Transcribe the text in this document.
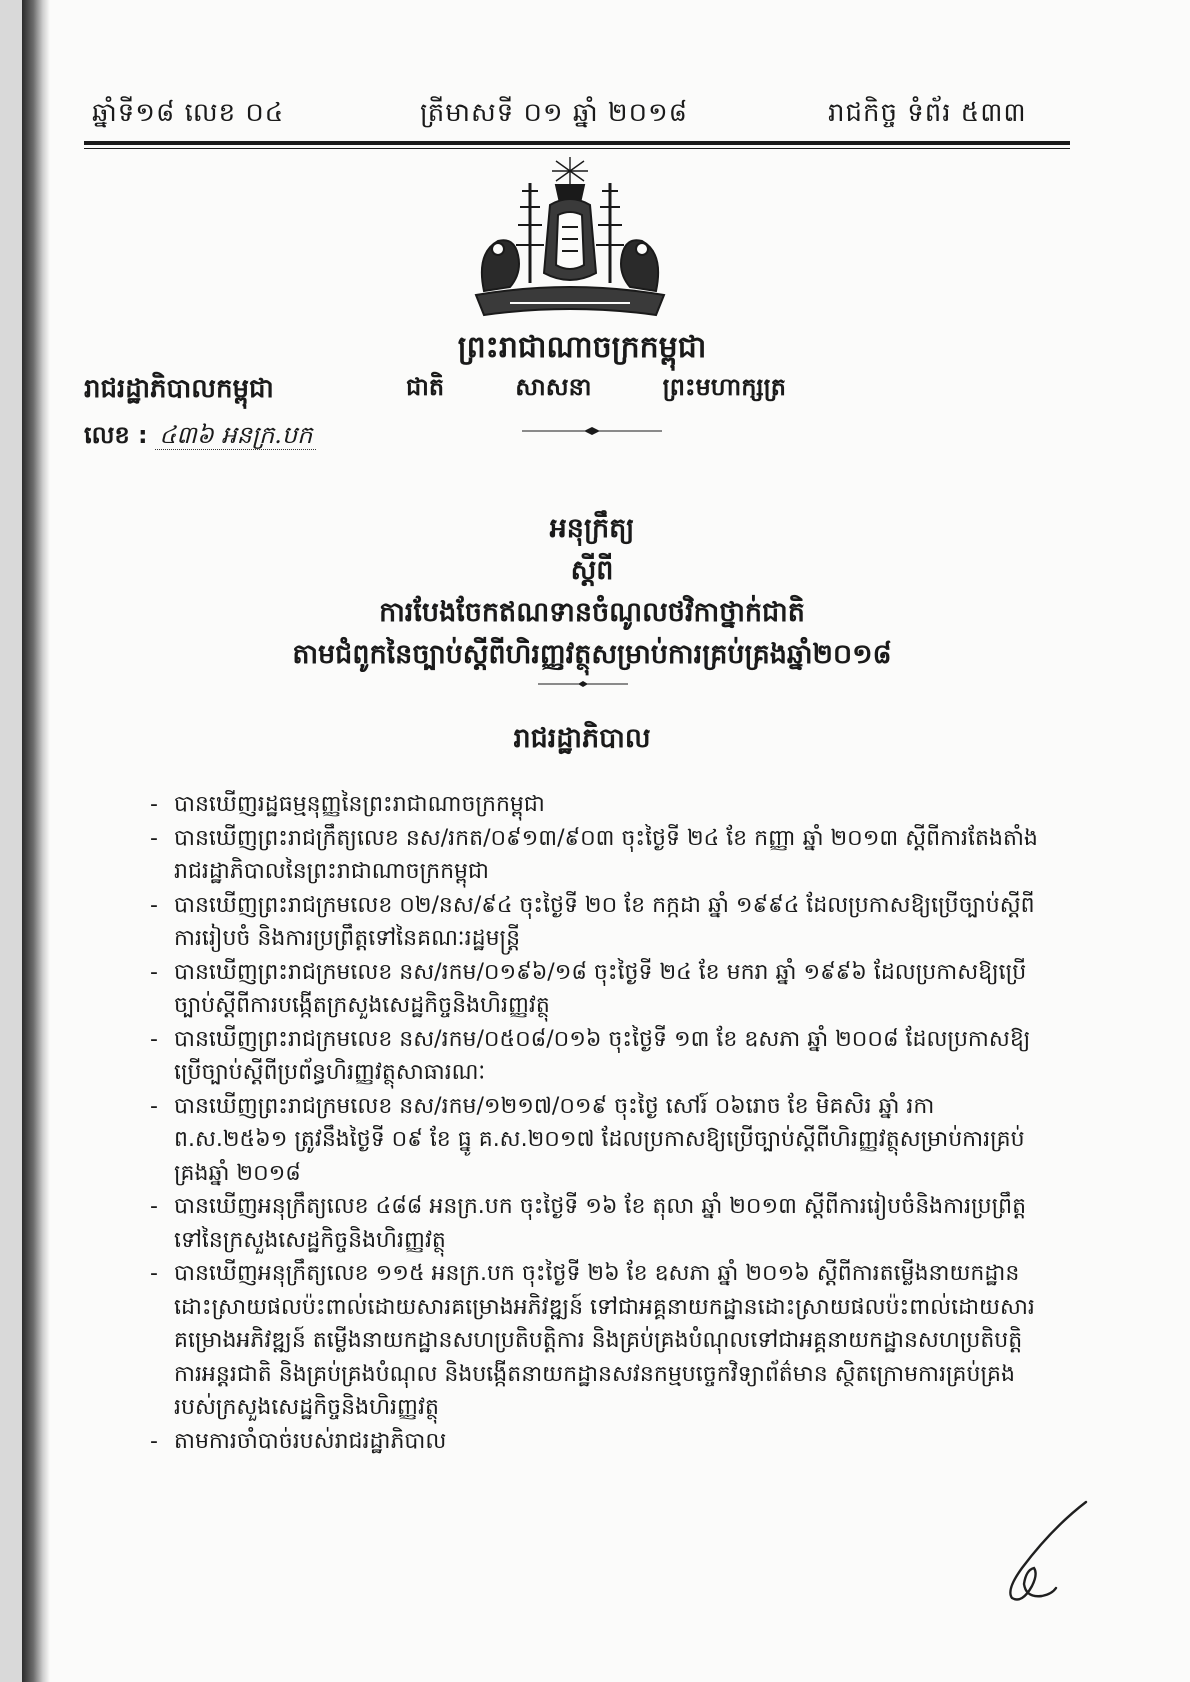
ឆ្នាំទី១៨ លេខ ០៤	ត្រីមាសទី ០១ ឆ្នាំ ២០១៨	រាជកិច្ច ទំព័រ ៥៣៣
ព្រះរាជាណាចក្រកម្ពុជា
ជាតិ	សាសនា	ព្រះមហាក្សត្រ
រាជរដ្ឋាភិបាលកម្ពុជា
លេខ : ៤៣៦ អនក្រ.បក
អនុក្រឹត្យ
ស្ដីពី
ការបែងចែកឥណទានចំណូលថវិកាថ្នាក់ជាតិ
តាមជំពូកនៃច្បាប់ស្ដីពីហិរញ្ញវត្ថុសម្រាប់ការគ្រប់គ្រងឆ្នាំ២០១៨
រាជរដ្ឋាភិបាល

- បានឃើញរដ្ឋធម្មនុញ្ញនៃព្រះរាជាណាចក្រកម្ពុជា

- បានឃើញព្រះរាជក្រឹត្យលេខ នស/រកត/០៩១៣/៩០៣ ចុះថ្ងៃទី ២៤ ខែ កញ្ញា ឆ្នាំ ២០១៣ ស្ដីពីការតែងតាំងរាជរដ្ឋាភិបាលនៃព្រះរាជាណាចក្រកម្ពុជា

- បានឃើញព្រះរាជក្រមលេខ ០២/នស/៩៤ ចុះថ្ងៃទី ២០ ខែ កក្កដា ឆ្នាំ ១៩៩៤ ដែលប្រកាសឱ្យប្រើច្បាប់ស្ដីពីការរៀបចំ និងការប្រព្រឹត្តទៅនៃគណៈរដ្ឋមន្ត្រី

- បានឃើញព្រះរាជក្រមលេខ នស/រកម/០១៩៦/១៨ ចុះថ្ងៃទី ២៤ ខែ មករា ឆ្នាំ ១៩៩៦ ដែលប្រកាសឱ្យប្រើច្បាប់ស្ដីពីការបង្កើតក្រសួងសេដ្ឋកិច្ចនិងហិរញ្ញវត្ថុ

- បានឃើញព្រះរាជក្រមលេខ នស/រកម/០៥០៨/០១៦ ចុះថ្ងៃទី ១៣ ខែ ឧសភា ឆ្នាំ ២០០៨ ដែលប្រកាសឱ្យប្រើច្បាប់ស្ដីពីប្រព័ន្ធហិរញ្ញវត្ថុសាធារណៈ

- បានឃើញព្រះរាជក្រមលេខ នស/រកម/១២១៧/០១៩ ចុះថ្ងៃ សៅរ៍ ០៦រោច ខែ មិគសិរ ឆ្នាំ រកា ព.ស.២៥៦១ ត្រូវនឹងថ្ងៃទី ០៩ ខែ ធ្នូ គ.ស.២០១៧ ដែលប្រកាសឱ្យប្រើច្បាប់ស្ដីពីហិរញ្ញវត្ថុសម្រាប់ការគ្រប់គ្រងឆ្នាំ ២០១៨

- បានឃើញអនុក្រឹត្យលេខ ៤៨៨ អនក្រ.បក ចុះថ្ងៃទី ១៦ ខែ តុលា ឆ្នាំ ២០១៣ ស្ដីពីការរៀបចំនិងការប្រព្រឹត្តទៅនៃក្រសួងសេដ្ឋកិច្ចនិងហិរញ្ញវត្ថុ

- បានឃើញអនុក្រឹត្យលេខ ១១៥ អនក្រ.បក ចុះថ្ងៃទី ២៦ ខែ ឧសភា ឆ្នាំ ២០១៦ ស្ដីពីការតម្លើងនាយកដ្ឋានដោះស្រាយផលប៉ះពាល់ដោយសារគម្រោងអភិវឌ្ឍន៍ ទៅជាអគ្គនាយកដ្ឋានដោះស្រាយផលប៉ះពាល់ដោយសារគម្រោងអភិវឌ្ឍន៍ តម្លើងនាយកដ្ឋានសហប្រតិបត្តិការ និងគ្រប់គ្រងបំណុលទៅជាអគ្គនាយកដ្ឋានសហប្រតិបត្តិការអន្តរជាតិ និងគ្រប់គ្រងបំណុល និងបង្កើតនាយកដ្ឋានសវនកម្មបច្ចេកវិទ្យាព័ត៌មាន ស្ថិតក្រោមការគ្រប់គ្រងរបស់ក្រសួងសេដ្ឋកិច្ចនិងហិរញ្ញវត្ថុ

- តាមការចាំបាច់របស់រាជរដ្ឋាភិបាល
